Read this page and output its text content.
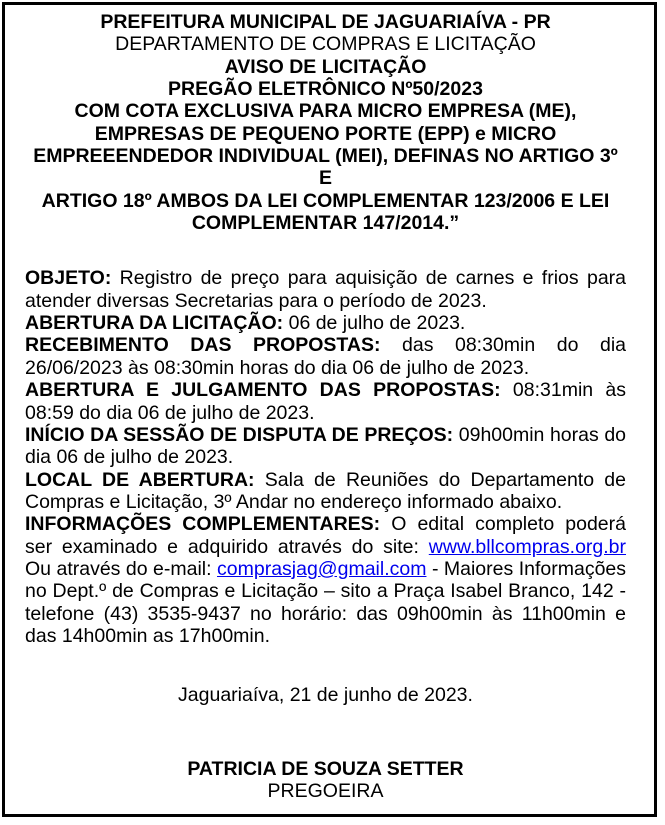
PREFEITURA MUNICIPAL DE JAGUARIAÍVA - PR
DEPARTAMENTO DE COMPRAS E LICITAÇÃO
AVISO DE LICITAÇÃO
PREGÃO ELETRÔNICO Nº50/2023
COM COTA EXCLUSIVA PARA MICRO EMPRESA (ME),
EMPRESAS DE PEQUENO PORTE (EPP) e MICRO
EMPREEENDEDOR INDIVIDUAL (MEI), DEFINAS NO ARTIGO 3º E
ARTIGO 18º AMBOS DA LEI COMPLEMENTAR 123/2006 E LEI
COMPLEMENTAR 147/2014.”

OBJETO: Registro de preço para aquisição de carnes e frios para atender diversas Secretarias para o período de 2023.

ABERTURA DA LICITAÇÃO: 06 de julho de 2023.

RECEBIMENTO DAS PROPOSTAS: das 08:30min do dia 26/06/2023 às 08:30min horas do dia 06 de julho de 2023.

ABERTURA E JULGAMENTO DAS PROPOSTAS: 08:31min às 08:59 do dia 06 de julho de 2023.

INÍCIO DA SESSÃO DE DISPUTA DE PREÇOS: 09h00min horas do dia 06 de julho de 2023.

LOCAL DE ABERTURA: Sala de Reuniões do Departamento de Compras e Licitação, 3º Andar no endereço informado abaixo.

INFORMAÇÕES COMPLEMENTARES: O edital completo poderá ser examinado e adquirido através do site: www.bllcompras.org.br Ou através do e-mail: comprasjag@gmail.com - Maiores Informações no Dept.º de Compras e Licitação – sito a Praça Isabel Branco, 142 - telefone (43) 3535-9437 no horário: das 09h00min às 11h00min e das 14h00min as 17h00min.

Jaguariaíva, 21 de junho de 2023.
PATRICIA DE SOUZA SETTER
PREGOEIRA
